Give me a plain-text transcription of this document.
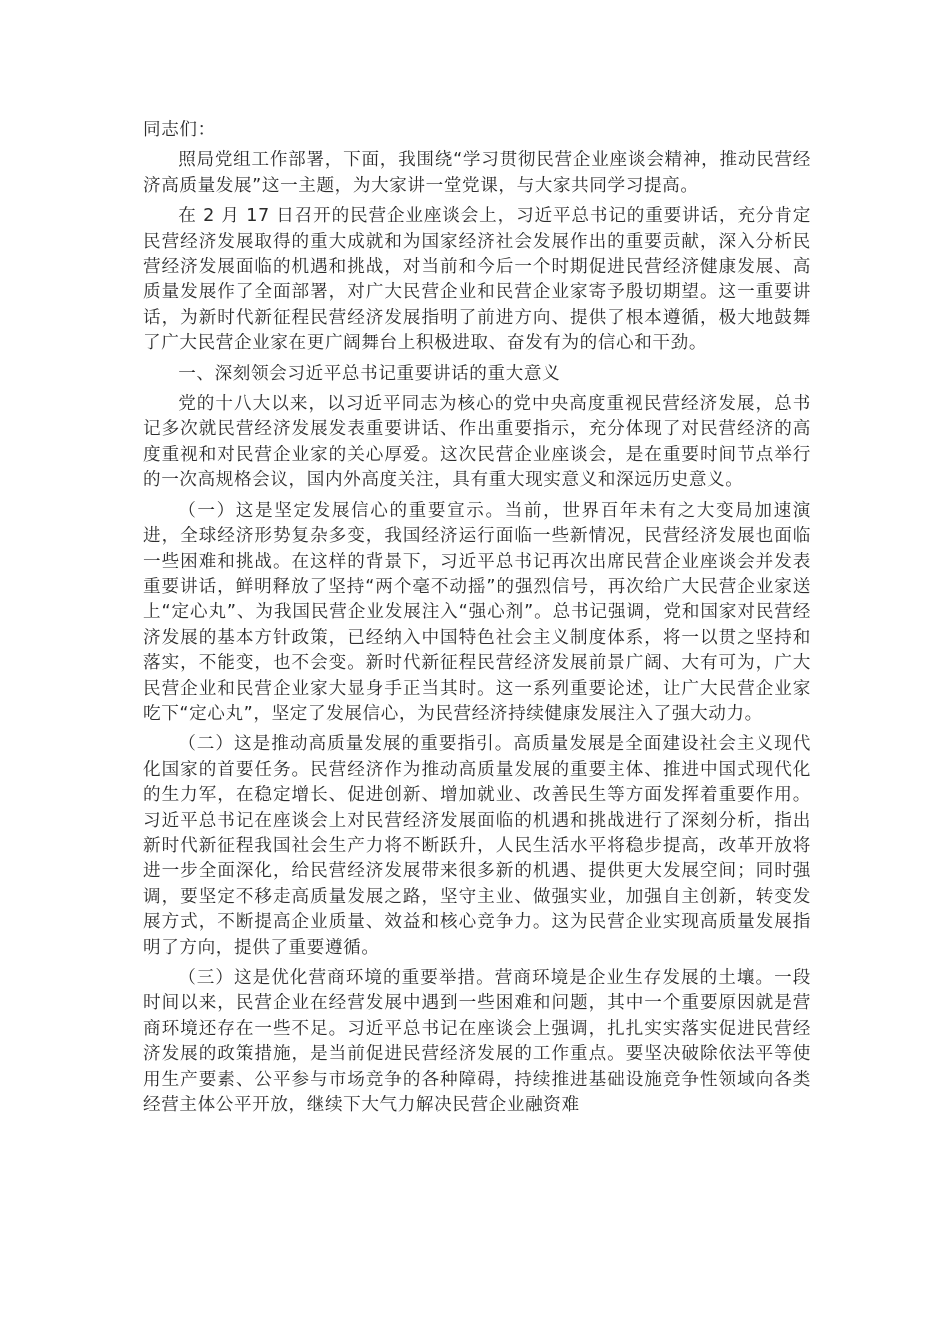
同志们：

照局党组工作部署，下面，我围绕“学习贯彻民营企业座谈会精神，推动民营经济高质量发展”这一主题，为大家讲一堂党课，与大家共同学习提高。

在 2 月 17 日召开的民营企业座谈会上，习近平总书记的重要讲话，充分肯定民营经济发展取得的重大成就和为国家经济社会发展作出的重要贡献，深入分析民营经济发展面临的机遇和挑战，对当前和今后一个时期促进民营经济健康发展、高质量发展作了全面部署，对广大民营企业和民营企业家寄予殷切期望。这一重要讲话，为新时代新征程民营经济发展指明了前进方向、提供了根本遵循，极大地鼓舞了广大民营企业家在更广阔舞台上积极进取、奋发有为的信心和干劲。

一、深刻领会习近平总书记重要讲话的重大意义

党的十八大以来，以习近平同志为核心的党中央高度重视民营经济发展，总书记多次就民营经济发展发表重要讲话、作出重要指示，充分体现了对民营经济的高度重视和对民营企业家的关心厚爱。这次民营企业座谈会，是在重要时间节点举行的一次高规格会议，国内外高度关注，具有重大现实意义和深远历史意义。

（一）这是坚定发展信心的重要宣示。当前，世界百年未有之大变局加速演进，全球经济形势复杂多变，我国经济运行面临一些新情况，民营经济发展也面临一些困难和挑战。在这样的背景下，习近平总书记再次出席民营企业座谈会并发表重要讲话，鲜明释放了坚持“两个毫不动摇”的强烈信号，再次给广大民营企业家送上“定心丸”、为我国民营企业发展注入“强心剂”。总书记强调，党和国家对民营经济发展的基本方针政策，已经纳入中国特色社会主义制度体系，将一以贯之坚持和落实，不能变，也不会变。新时代新征程民营经济发展前景广阔、大有可为，广大民营企业和民营企业家大显身手正当其时。这一系列重要论述，让广大民营企业家吃下“定心丸”，坚定了发展信心，为民营经济持续健康发展注入了强大动力。

（二）这是推动高质量发展的重要指引。高质量发展是全面建设社会主义现代化国家的首要任务。民营经济作为推动高质量发展的重要主体、推进中国式现代化的生力军，在稳定增长、促进创新、增加就业、改善民生等方面发挥着重要作用。习近平总书记在座谈会上对民营经济发展面临的机遇和挑战进行了深刻分析，指出新时代新征程我国社会生产力将不断跃升，人民生活水平将稳步提高，改革开放将进一步全面深化，给民营经济发展带来很多新的机遇、提供更大发展空间；同时强调，要坚定不移走高质量发展之路，坚守主业、做强实业，加强自主创新，转变发展方式，不断提高企业质量、效益和核心竞争力。这为民营企业实现高质量发展指明了方向，提供了重要遵循。

（三）这是优化营商环境的重要举措。营商环境是企业生存发展的土壤。一段时间以来，民营企业在经营发展中遇到一些困难和问题，其中一个重要原因就是营商环境还存在一些不足。习近平总书记在座谈会上强调，扎扎实实落实促进民营经济发展的政策措施，是当前促进民营经济发展的工作重点。要坚决破除依法平等使用生产要素、公平参与市场竞争的各种障碍，持续推进基础设施竞争性领域向各类经营主体公平开放，继续下大气力解决民营企业融资难
